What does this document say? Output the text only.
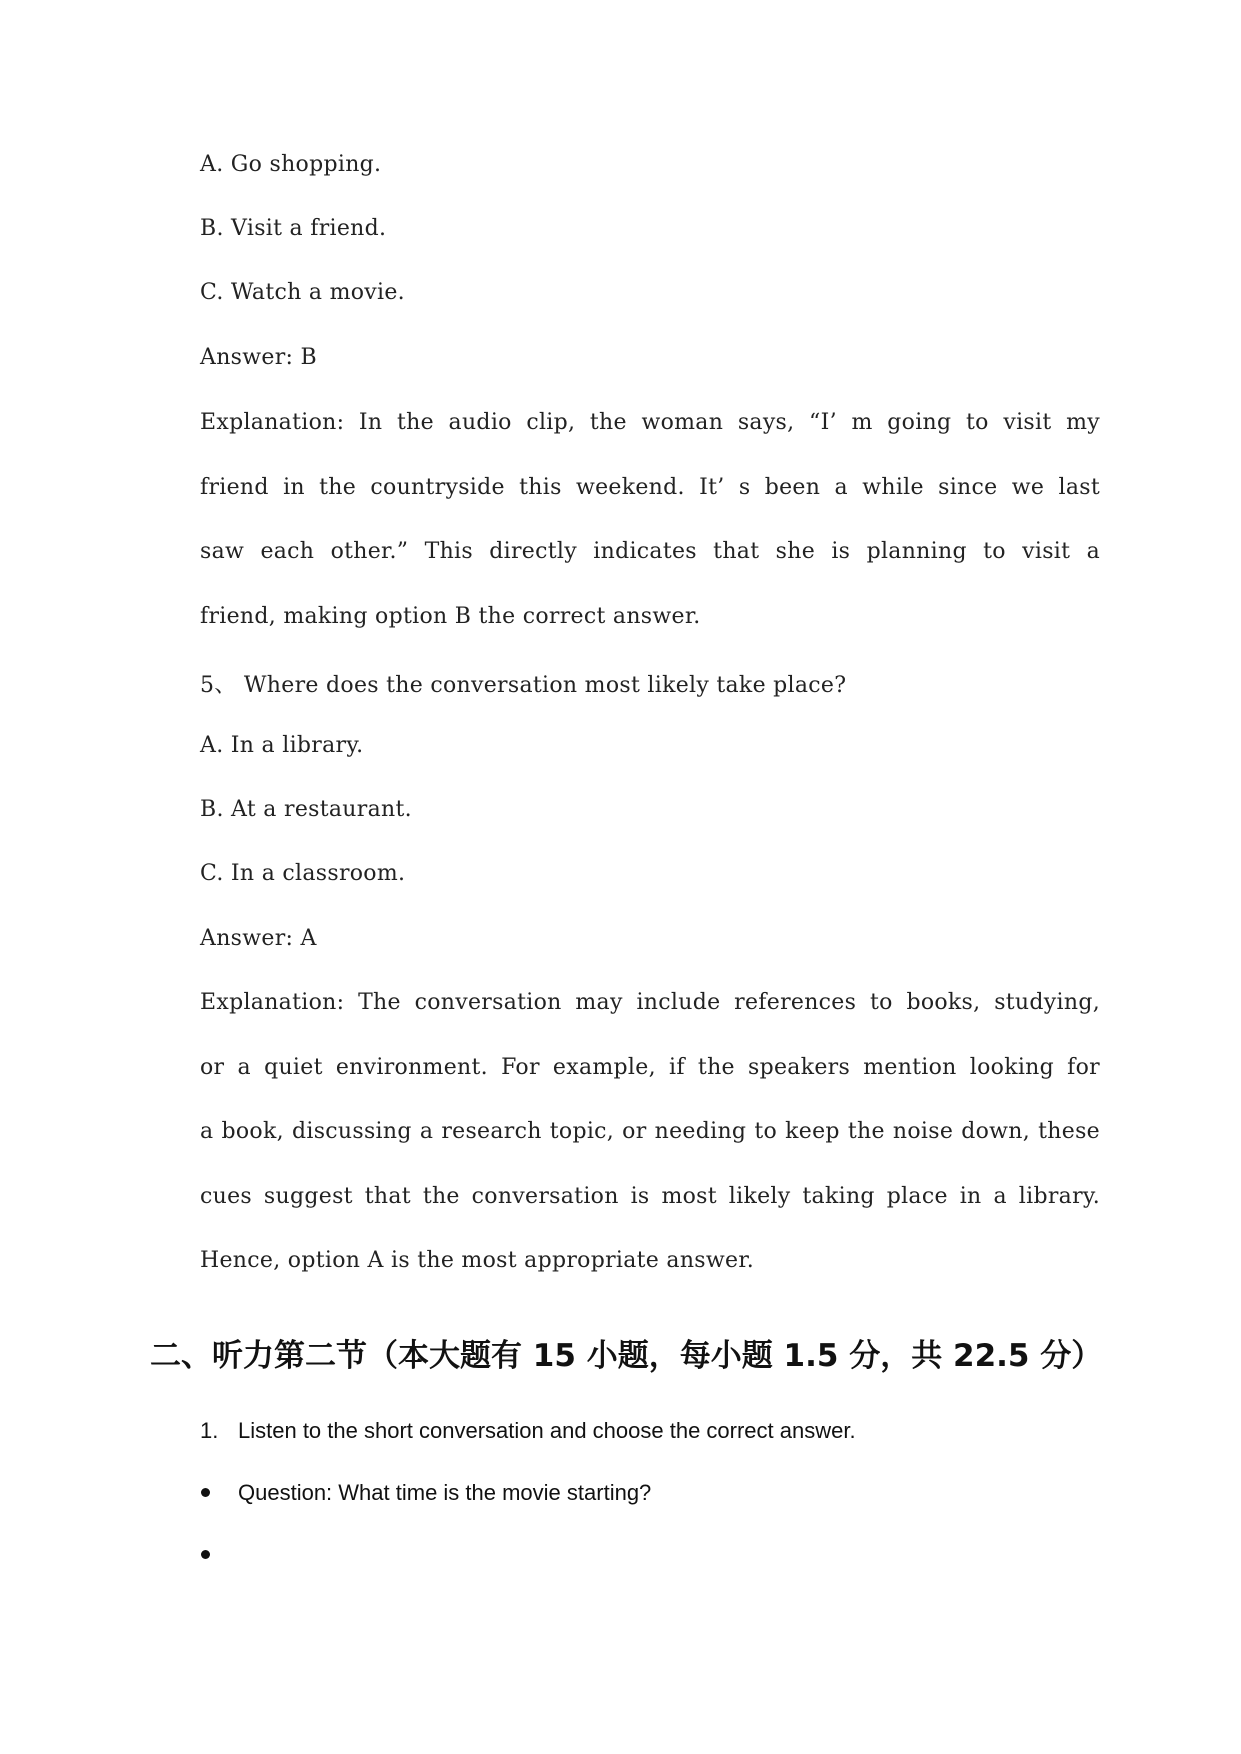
A. Go shopping.
B. Visit a friend.
C. Watch a movie.
Answer: B
Explanation: In the audio clip, the woman says, “I’ m going to visit my
friend in the countryside this weekend. It’ s been a while since we last
saw each other.” This directly indicates that she is planning to visit a
friend, making option B the correct answer.
5、 Where does the conversation most likely take place?
A. In a library.
B. At a restaurant.
C. In a classroom.
Answer: A
Explanation: The conversation may include references to books, studying,
or a quiet environment. For example, if the speakers mention looking for
a book, discussing a research topic, or needing to keep the noise down, these
cues suggest that the conversation is most likely taking place in a library.
Hence, option A is the most appropriate answer.
二、听力第二节（本大题有 15 小题，每小题 1.5 分，共 22.5 分）
1. Listen to the short conversation and choose the correct answer.
Question: What time is the movie starting?
